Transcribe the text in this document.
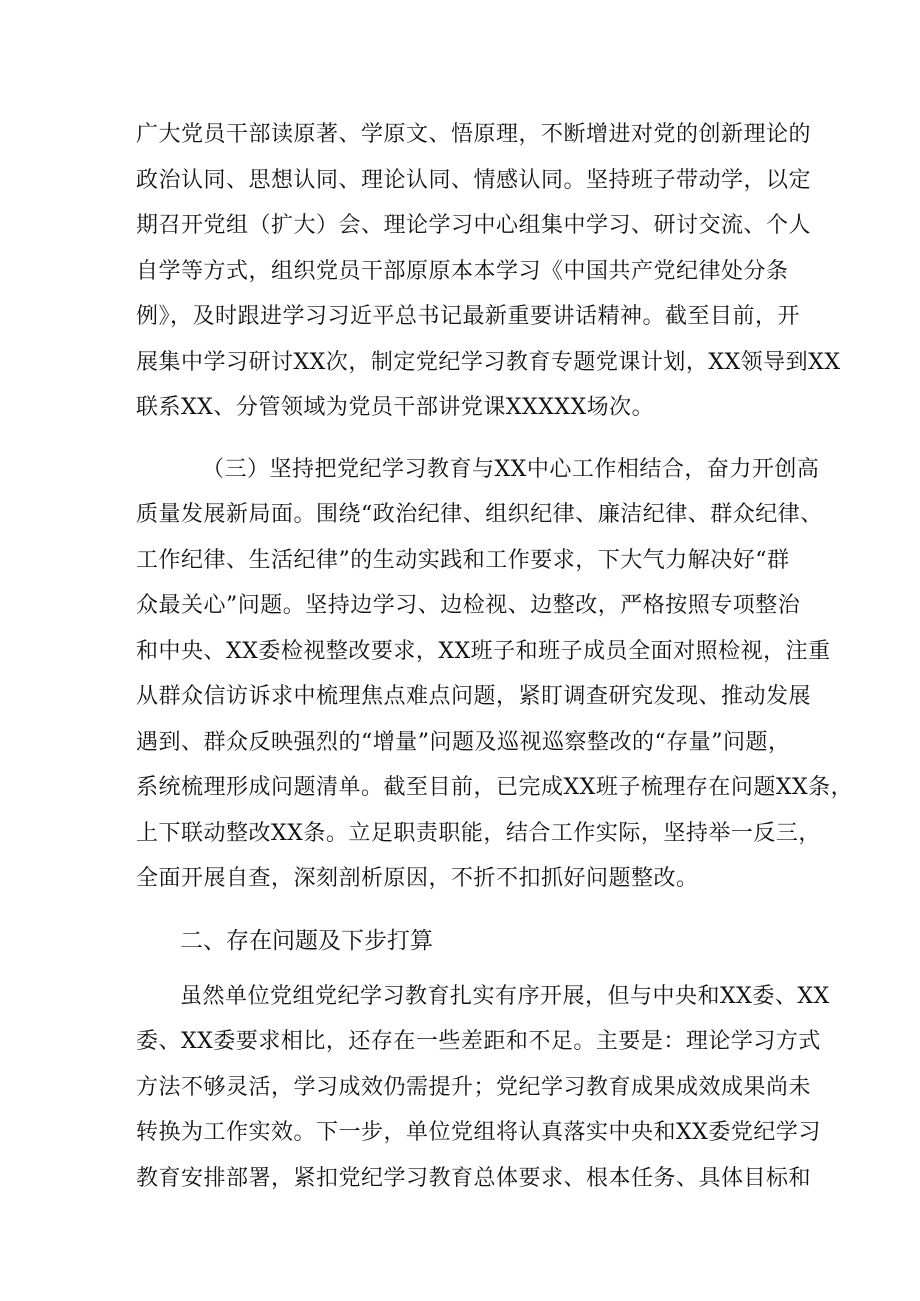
广大党员干部读原著、学原文、悟原理，不断增进对党的创新理论的
政治认同、思想认同、理论认同、情感认同。坚持班子带动学，以定
期召开党组（扩大）会、理论学习中心组集中学习、研讨交流、个人
自学等方式，组织党员干部原原本本学习《中国共产党纪律处分条
例》，及时跟进学习习近平总书记最新重要讲话精神。截至目前，开
展集中学习研讨XX次，制定党纪学习教育专题党课计划，XX领导到XX
联系XX、分管领域为党员干部讲党课XXXXX场次。
（三）坚持把党纪学习教育与XX中心工作相结合，奋力开创高
质量发展新局面。围绕“政治纪律、组织纪律、廉洁纪律、群众纪律、
工作纪律、生活纪律”的生动实践和工作要求，下大气力解决好“群
众最关心”问题。坚持边学习、边检视、边整改，严格按照专项整治
和中央、XX委检视整改要求，XX班子和班子成员全面对照检视，注重
从群众信访诉求中梳理焦点难点问题，紧盯调查研究发现、推动发展
遇到、群众反映强烈的“增量”问题及巡视巡察整改的“存量”问题，
系统梳理形成问题清单。截至目前，已完成XX班子梳理存在问题XX条，
上下联动整改XX条。立足职责职能，结合工作实际，坚持举一反三，
全面开展自查，深刻剖析原因，不折不扣抓好问题整改。
二、存在问题及下步打算
虽然单位党组党纪学习教育扎实有序开展，但与中央和XX委、XX
委、XX委要求相比，还存在一些差距和不足。主要是：理论学习方式
方法不够灵活，学习成效仍需提升；党纪学习教育成果成效成果尚未
转换为工作实效。下一步，单位党组将认真落实中央和XX委党纪学习
教育安排部署，紧扣党纪学习教育总体要求、根本任务、具体目标和
